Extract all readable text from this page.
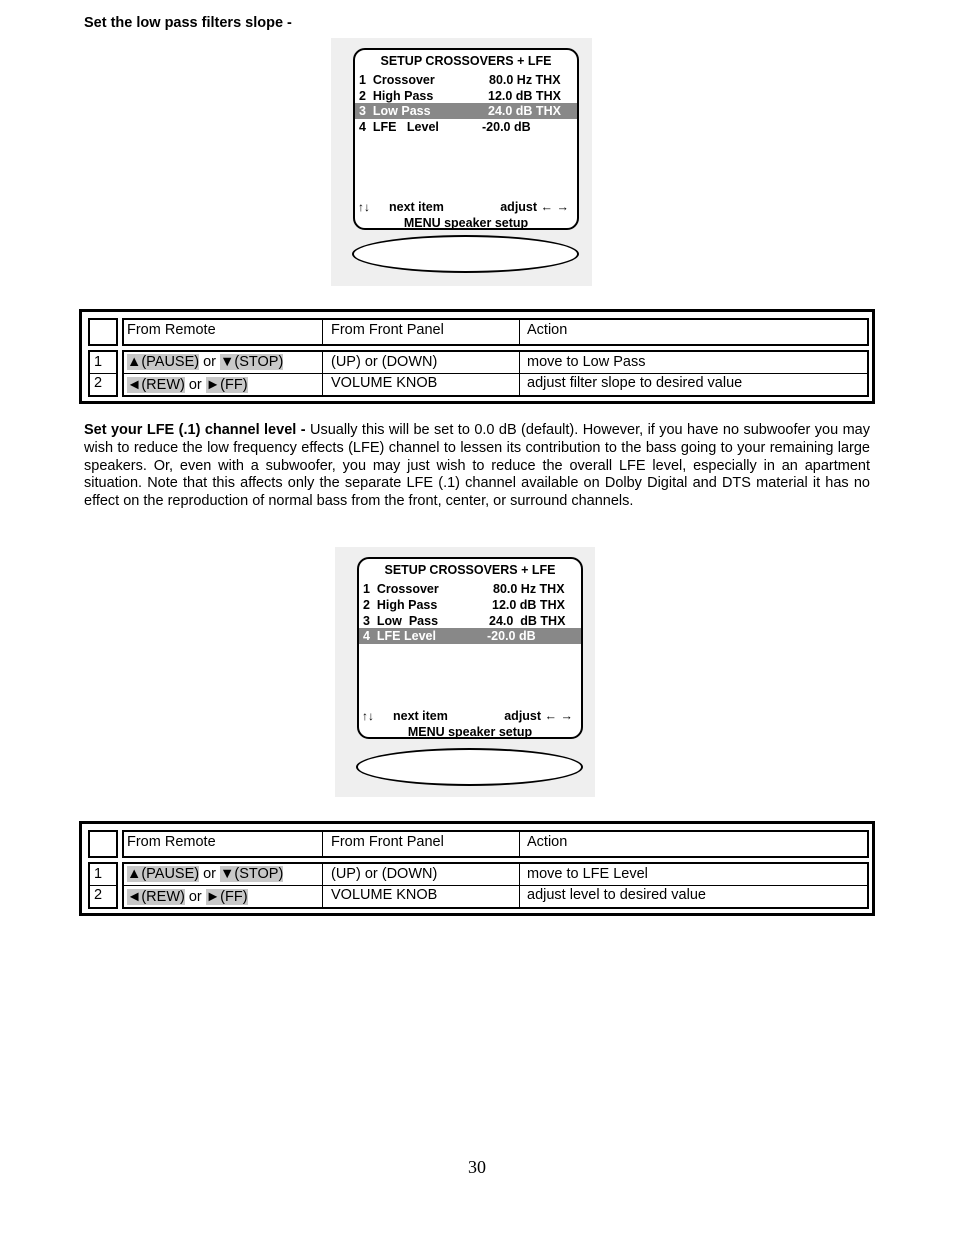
Set the low pass filters slope -
SETUP CROSSOVERS + LFE
1  Crossover	80.0 Hz THX
2  High Pass	12.0 dB THX
3  Low Pass	24.0 dB THX
4  LFE   Level	-20.0 dB
↑↓ next item	adjust ← →
MENU speaker setup
From Remote	From Front Panel	Action
1 ▲(PAUSE) or ▼(STOP)	(UP) or (DOWN)	move to Low Pass
2 ◄(REW) or ►(FF)	VOLUME KNOB	adjust filter slope to desired value
Set your LFE (.1) channel level - Usually this will be set to 0.0 dB (default). However, if you have no subwoofer you may wish to reduce the low frequency effects (LFE) channel to lessen its contribution to the bass going to your remaining large speakers. Or, even with a subwoofer, you may just wish to reduce the overall LFE level, especially in an apartment situation. Note that this affects only the separate LFE (.1) channel available on Dolby Digital and DTS material it has no effect on the reproduction of normal bass from the front, center, or surround channels.
SETUP CROSSOVERS + LFE
1  Crossover	80.0 Hz THX
2  High Pass	12.0 dB THX
3  Low  Pass	24.0  dB THX
4  LFE Level	-20.0 dB
↑↓ next item	adjust ← →
MENU speaker setup
From Remote	From Front Panel	Action
1 ▲(PAUSE) or ▼(STOP)	(UP) or (DOWN)	move to LFE Level
2 ◄(REW) or ►(FF)	VOLUME KNOB	adjust level to desired value
30
